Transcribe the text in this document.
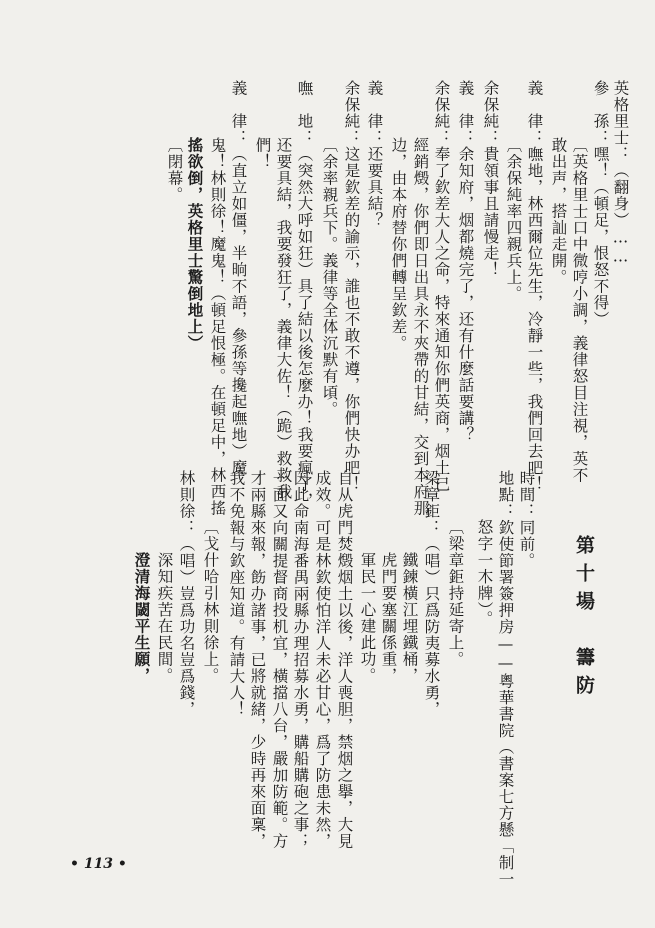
英格里士：（翻身）……
參　孫：嘿！（頓足，恨怒不得）
〔英格里士口中微哼小調，義律怒目注視，英不
敢出声，搭訕走開。
義　律：嘸地，林西爾位先生，冷靜一些，我們回去吧！
〔余保純率四親兵上。
余保純：貴領事且請慢走！
義　律：余知府，烟都燒完了，还有什麼話要講？
余保純：奉了欽差大人之命，特來通知你們英商，烟土已
經銷燬，你們即日出具永不夾帶的甘結，交到本府那
边，由本府替你們轉呈欽差。
義　律：还要具結？
余保純：这是欽差的諭示，誰也不敢不遵，你們快办吧！
〔余率親兵下。義律等全体沉默有頃。
嘸　地：（突然大呼如狂）具了結以後怎麼办！我要瘋了，
还要具結，我要發狂了，義律大佐！（跪）救救我
們！
義　律：（直立如僵，半晌不語，參孫等攙起嘸地）魔
鬼！林則徐！魔鬼！（頓足恨極。在頓足中，林西搖
搖欲倒，英格里士驚倒地上）
〔閉幕。
第十場　籌防
時間：同前。
地點：欽使節署簽押房——粵華書院（書案七方懸「制一
怒字一木牌）。
〔梁章鉅持延寄上。
梁章鉅：（唱）只爲防夷募水勇，
鐵鍊橫江埋鐵桶，
虎門要塞關係重，
軍民一心建此功。
自从虎門焚燬烟土以後，洋人喪胆，禁烟之擧，大見
成效。可是林欽使怕洋人未必甘心，爲了防患未然，
因此命南海番禺兩縣办理招募水勇，購船購砲之事；
一面又向關提督商投机宜，橫擋八台，嚴加防範。方
才兩縣來報，飭办諸事，已將就緒，少時再來面稟，
我不免報与欽座知道。有請大人！
〔戈什哈引林則徐上。
林則徐：（唱）豈爲功名豈爲錢，
深知疾苦在民間。
澄清海閾平生願，
• 113 •
